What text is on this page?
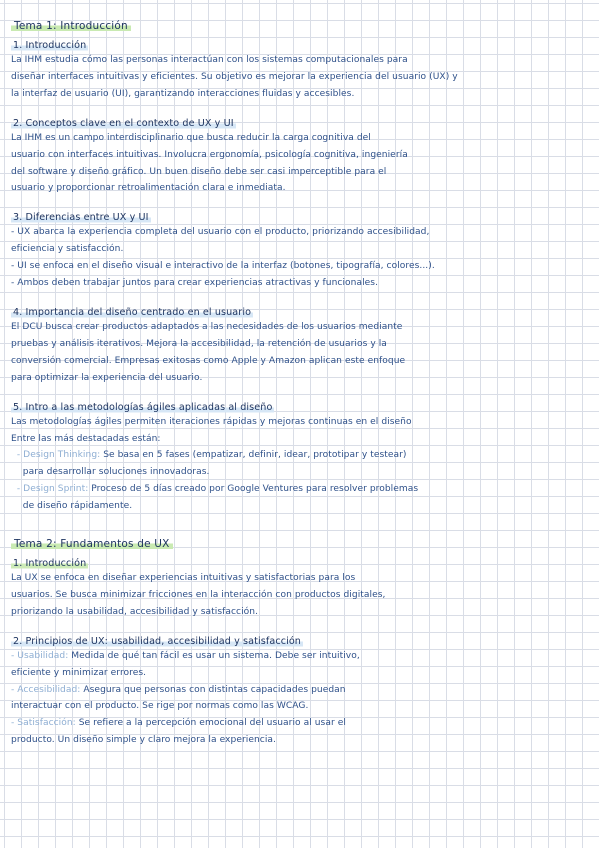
Tema 1: Introducción
1. Introducción

La IHM estudia cómo las personas interactúan con los sistemas computacionales para

diseñar interfaces intuitivas y eficientes. Su objetivo es mejorar la experiencia del usuario (UX) y

la interfaz de usuario (UI), garantizando interacciones fluidas y accesibles.

2. Conceptos clave en el contexto de UX y UI

La IHM es un campo interdisciplinario que busca reducir la carga cognitiva del

usuario con interfaces intuitivas. Involucra ergonomía, psicología cognitiva, ingeniería

del software y diseño gráfico. Un buen diseño debe ser casi imperceptible para el

usuario y proporcionar retroalimentación clara e inmediata.

3. Diferencias entre UX y UI

- UX abarca la experiencia completa del usuario con el producto, priorizando accesibilidad,

eficiencia y satisfacción.

- UI se enfoca en el diseño visual e interactivo de la interfaz (botones, tipografía, colores...).

- Ambos deben trabajar juntos para crear experiencias atractivas y funcionales.

4. Importancia del diseño centrado en el usuario

El DCU busca crear productos adaptados a las necesidades de los usuarios mediante

pruebas y análisis iterativos. Mejora la accesibilidad, la retención de usuarios y la

conversión comercial. Empresas exitosas como Apple y Amazon aplican este enfoque

para optimizar la experiencia del usuario.

5. Intro a las metodologías ágiles aplicadas al diseño

Las metodologías ágiles permiten iteraciones rápidas y mejoras continuas en el diseño

Entre las más destacadas están:

- Design Thinking: Se basa en 5 fases (empatizar, definir, idear, prototipar y testear)

para desarrollar soluciones innovadoras.

- Design Sprint: Proceso de 5 días creado por Google Ventures para resolver problemas

de diseño rápidamente.

Tema 2: Fundamentos de UX
1. Introducción

La UX se enfoca en diseñar experiencias intuitivas y satisfactorias para los

usuarios. Se busca minimizar fricciones en la interacción con productos digitales,

priorizando la usabilidad, accesibilidad y satisfacción.

2. Principios de UX: usabilidad, accesibilidad y satisfacción

- Usabilidad: Medida de qué tan fácil es usar un sistema. Debe ser intuitivo,

eficiente y minimizar errores.

- Accesibilidad: Asegura que personas con distintas capacidades puedan

interactuar con el producto. Se rige por normas como las WCAG.

- Satisfacción: Se refiere a la percepción emocional del usuario al usar el

producto. Un diseño simple y claro mejora la experiencia.
